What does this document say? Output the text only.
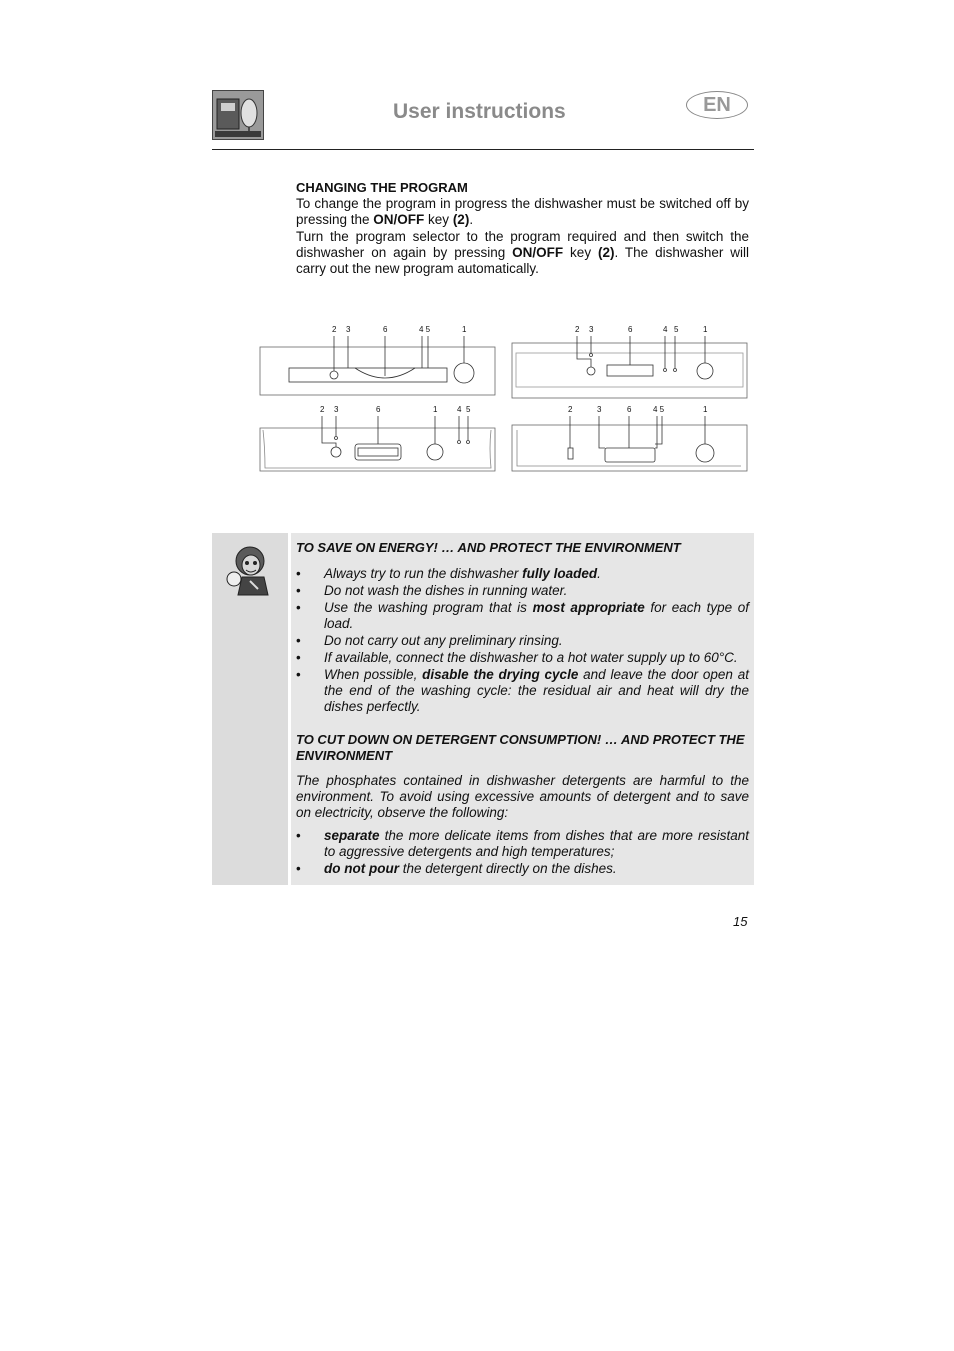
User instructions	EN
CHANGING THE PROGRAM
To change the program in progress the dishwasher must be switched off by pressing the ON/OFF key (2).
Turn the program selector to the program required and then switch the dishwasher on again by pressing ON/OFF key (2). The dishwasher will carry out the new program automatically.
2 3	6	4 5	1	2 3	6	4 5	1
2 3	6	1 4 5	2	3	6	4 5	1
TO SAVE ON ENERGY! … AND PROTECT THE ENVIRONMENT
• Always try to run the dishwasher fully loaded.
• Do not wash the dishes in running water.
• Use the washing program that is most appropriate for each type of load.
• Do not carry out any preliminary rinsing.
• If available, connect the dishwasher to a hot water supply up to 60°C.
• When possible, disable the drying cycle and leave the door open at the end of the washing cycle: the residual air and heat will dry the dishes perfectly.
TO CUT DOWN ON DETERGENT CONSUMPTION! … AND PROTECT THE ENVIRONMENT
The phosphates contained in dishwasher detergents are harmful to the environment. To avoid using excessive amounts of detergent and to save on electricity, observe the following:
• separate the more delicate items from dishes that are more resistant to aggressive detergents and high temperatures;
• do not pour the detergent directly on the dishes.
15
